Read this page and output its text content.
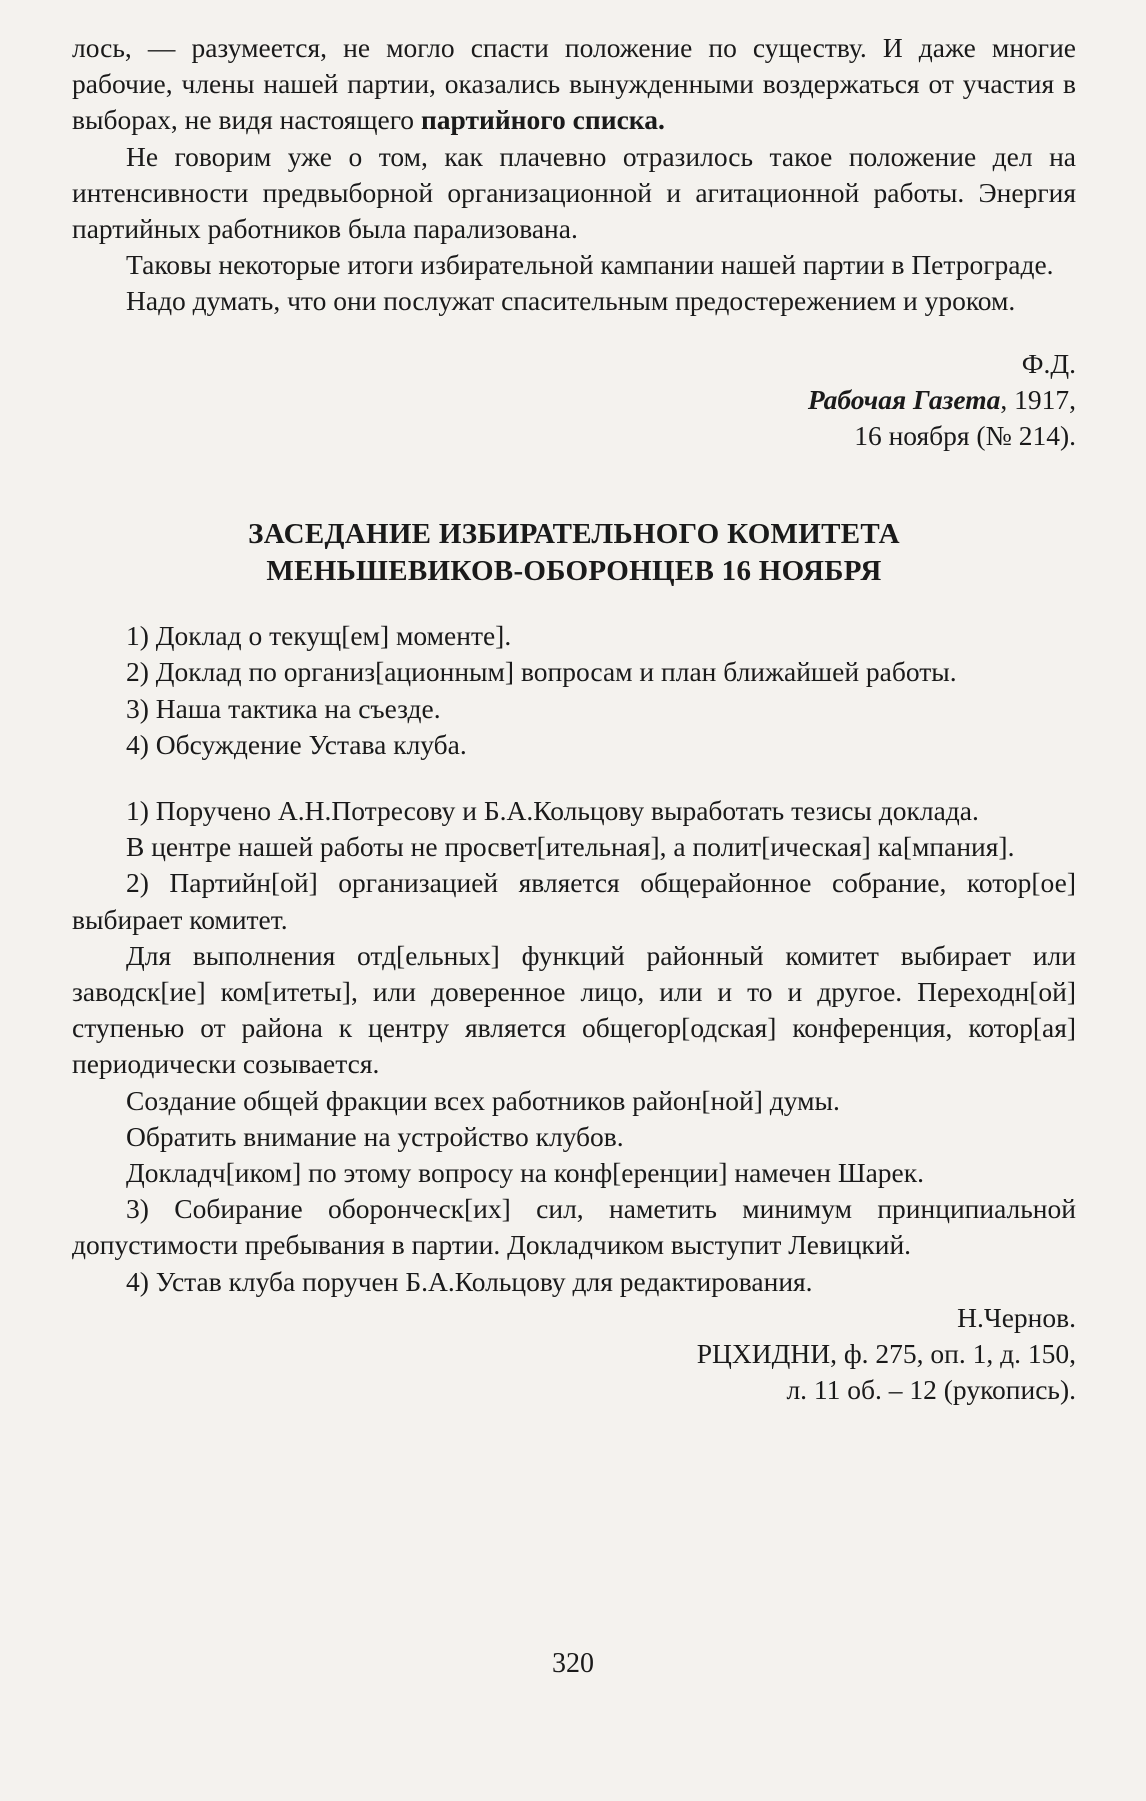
лось, — разумеется, не могло спасти положение по существу. И даже многие рабочие, члены нашей партии, оказались вынужденными воздержаться от участия в выборах, не видя настоящего партийного списка.

Не говорим уже о том, как плачевно отразилось такое положение дел на интенсивности предвыборной организационной и агитационной работы. Энергия партийных работников была парализована.

Таковы некоторые итоги избирательной кампании нашей партии в Петрограде.

Надо думать, что они послужат спасительным предостережением и уроком.

Ф.Д.

Рабочая Газета, 1917,

16 ноября (№ 214).

ЗАСЕДАНИЕ ИЗБИРАТЕЛЬНОГО КОМИТЕТА
МЕНЬШЕВИКОВ-ОБОРОНЦЕВ 16 НОЯБРЯ

1) Доклад о текущ[ем] моменте].

2) Доклад по организ[ационным] вопросам и план ближайшей работы.

3) Наша тактика на съезде.

4) Обсуждение Устава клуба.

1) Поручено А.Н.Потресову и Б.А.Кольцову выработать тезисы доклада.

В центре нашей работы не просвет[ительная], а полит[ическая] ка[мпания].

2) Партийн[ой] организацией является общерайонное собрание, котор[ое] выбирает комитет.

Для выполнения отд[ельных] функций районный комитет выбирает или заводск[ие] ком[итеты], или доверенное лицо, или и то и другое. Переходн[ой] ступенью от района к центру является общегор[одская] конференция, котор[ая] периодически созывается.

Создание общей фракции всех работников район[ной] думы.

Обратить внимание на устройство клубов.

Докладч[иком] по этому вопросу на конф[еренции] намечен Шарек.

3) Собирание оборонческ[их] сил, наметить минимум принципиальной допустимости пребывания в партии. Докладчиком выступит Левицкий.

4) Устав клуба поручен Б.А.Кольцову для редактирования.

Н.Чернов.

РЦХИДНИ, ф. 275, оп. 1, д. 150,

л. 11 об. – 12 (рукопись).

320
